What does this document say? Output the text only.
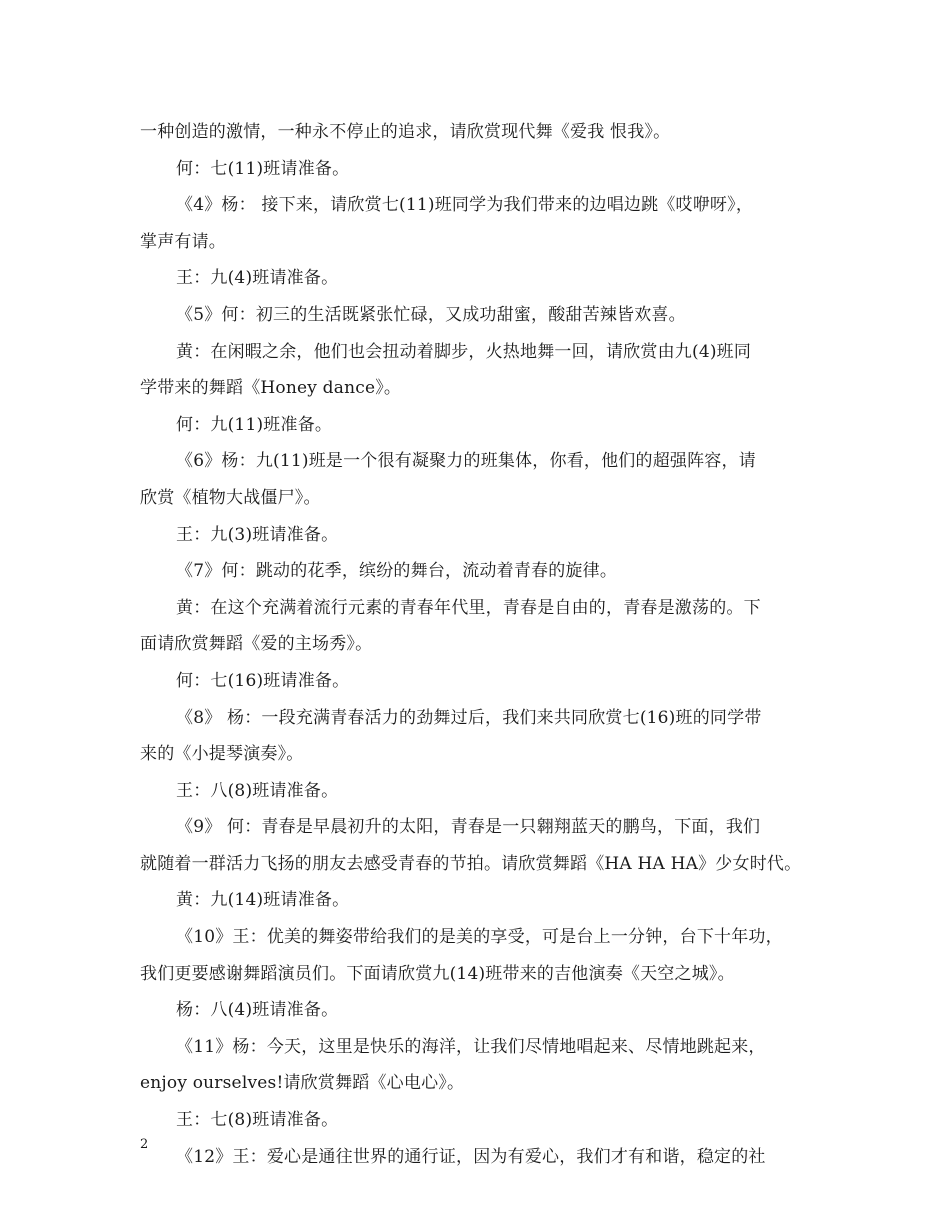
一种创造的激情，一种永不停止的追求，请欣赏现代舞《爱我 恨我》。
何：七(11)班请准备。
《4》杨： 接下来，请欣赏七(11)班同学为我们带来的边唱边跳《哎咿呀》，
掌声有请。
王：九(4)班请准备。
《5》何：初三的生活既紧张忙碌，又成功甜蜜，酸甜苦辣皆欢喜。
黄：在闲暇之余，他们也会扭动着脚步，火热地舞一回，请欣赏由九(4)班同
学带来的舞蹈《Honey dance》。
何：九(11)班准备。
《6》杨：九(11)班是一个很有凝聚力的班集体，你看，他们的超强阵容，请
欣赏《植物大战僵尸》。
王：九(3)班请准备。
《7》何：跳动的花季，缤纷的舞台，流动着青春的旋律。
黄：在这个充满着流行元素的青春年代里，青春是自由的，青春是激荡的。下
面请欣赏舞蹈《爱的主场秀》。
何：七(16)班请准备。
《8》 杨：一段充满青春活力的劲舞过后，我们来共同欣赏七(16)班的同学带
来的《小提琴演奏》。
王：八(8)班请准备。
《9》 何：青春是早晨初升的太阳，青春是一只翱翔蓝天的鹏鸟，下面，我们
就随着一群活力飞扬的朋友去感受青春的节拍。请欣赏舞蹈《HA HA HA》少女时代。
黄：九(14)班请准备。
《10》王：优美的舞姿带给我们的是美的享受，可是台上一分钟，台下十年功，
我们更要感谢舞蹈演员们。下面请欣赏九(14)班带来的吉他演奏《天空之城》。
杨：八(4)班请准备。
《11》杨：今天，这里是快乐的海洋，让我们尽情地唱起来、尽情地跳起来，
enjoy ourselves!请欣赏舞蹈《心电心》。
王：七(8)班请准备。
《12》王：爱心是通往世界的通行证，因为有爱心，我们才有和谐，稳定的社
2
